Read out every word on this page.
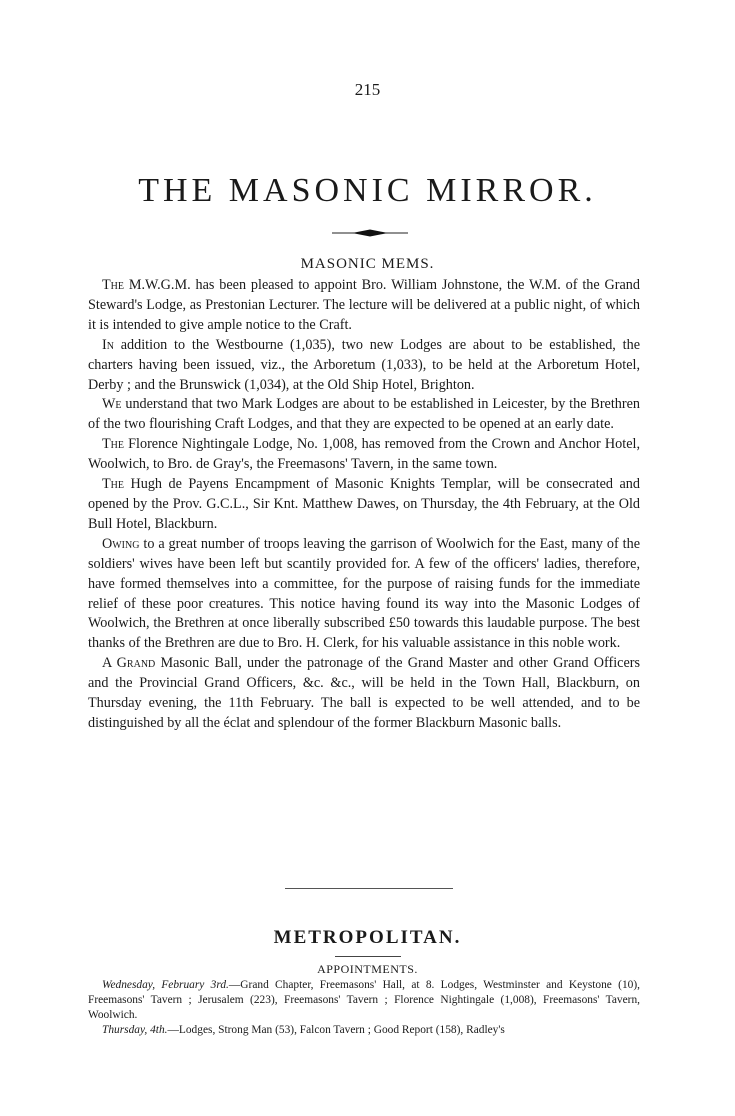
215
THE MASONIC MIRROR.
MASONIC MEMS.

The M.W.G.M. has been pleased to appoint Bro. William Johnstone, the W.M. of the Grand Steward's Lodge, as Prestonian Lecturer. The lecture will be delivered at a public night, of which it is intended to give ample notice to the Craft.

In addition to the Westbourne (1,035), two new Lodges are about to be established, the charters having been issued, viz., the Arboretum (1,033), to be held at the Arboretum Hotel, Derby ; and the Brunswick (1,034), at the Old Ship Hotel, Brighton.

We understand that two Mark Lodges are about to be established in Leicester, by the Brethren of the two flourishing Craft Lodges, and that they are expected to be opened at an early date.

The Florence Nightingale Lodge, No. 1,008, has removed from the Crown and Anchor Hotel, Woolwich, to Bro. de Gray's, the Freemasons' Tavern, in the same town.

The Hugh de Payens Encampment of Masonic Knights Templar, will be consecrated and opened by the Prov. G.C.L., Sir Knt. Matthew Dawes, on Thursday, the 4th February, at the Old Bull Hotel, Blackburn.

Owing to a great number of troops leaving the garrison of Woolwich for the East, many of the soldiers' wives have been left but scantily provided for. A few of the officers' ladies, therefore, have formed themselves into a committee, for the purpose of raising funds for the immediate relief of these poor creatures. This notice having found its way into the Masonic Lodges of Woolwich, the Brethren at once liberally subscribed £50 towards this laudable purpose. The best thanks of the Brethren are due to Bro. H. Clerk, for his valuable assistance in this noble work.

A Grand Masonic Ball, under the patronage of the Grand Master and other Grand Officers and the Provincial Grand Officers, &c. &c., will be held in the Town Hall, Blackburn, on Thursday evening, the 11th February. The ball is expected to be well attended, and to be distinguished by all the éclat and splendour of the former Blackburn Masonic balls.

METROPOLITAN.
APPOINTMENTS.

Wednesday, February 3rd.—Grand Chapter, Freemasons' Hall, at 8. Lodges, Westminster and Keystone (10), Freemasons' Tavern ; Jerusalem (223), Freemasons' Tavern ; Florence Nightingale (1,008), Freemasons' Tavern, Woolwich.

Thursday, 4th.—Lodges, Strong Man (53), Falcon Tavern ; Good Report (158), Radley's
